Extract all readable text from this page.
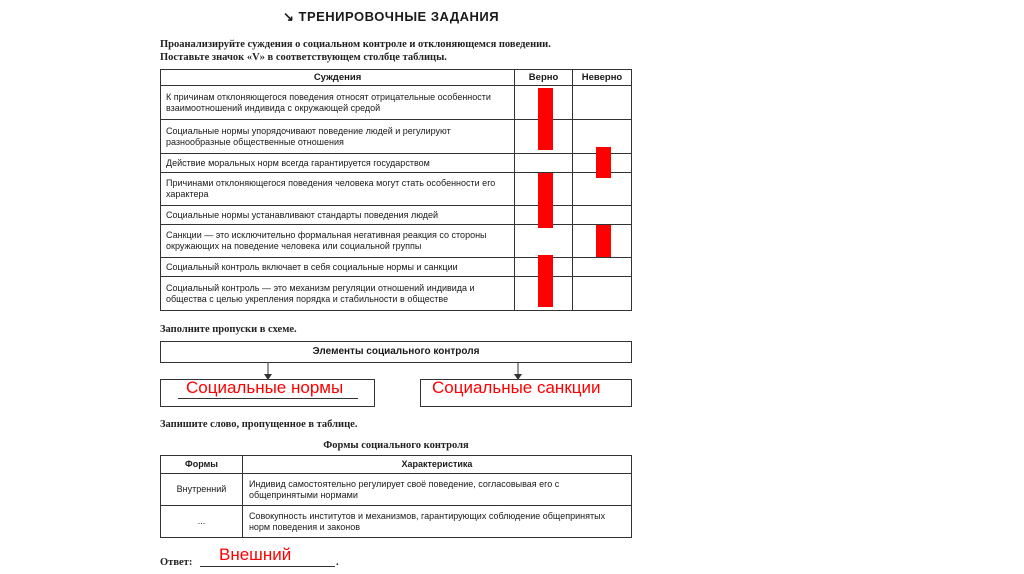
↘ ТРЕНИРОВОЧНЫЕ ЗАДАНИЯ
Проанализируйте суждения о социальном контроле и отклоняющемся поведении.
Поставьте значок «V» в соответствующем столбце таблицы.
Суждения	Верно	Неверно
К причинам отклоняющегося поведения относят отрицательные особенности взаимоотношений индивида с окружающей средой		
Социальные нормы упорядочивают поведение людей и регулируют разнообразные общественные отношения		
Действие моральных норм всегда гарантируется государством		
Причинами отклоняющегося поведения человека могут стать особенности его характера		
Социальные нормы устанавливают стандарты поведения людей		
Санкции — это исключительно формальная негативная реакция со стороны окружающих на поведение человека или социальной группы		
Социальный контроль включает в себя социальные нормы и санкции		
Социальный контроль — это механизм регуляции отношений индивида и общества с целью укрепления порядка и стабильности в обществе		
Заполните пропуски в схеме.
Элементы социального контроля
Социальные нормы	Социальные санкции
Запишите слово, пропущенное в таблице.
Формы социального контроля
Формы	Характеристика
Внутренний	Индивид самостоятельно регулирует своё поведение, согласовывая его с общепринятыми нормами
...	Совокупность институтов и механизмов, гарантирующих соблюдение общепринятых норм поведения и законов
Ответ:	.
Внешний
